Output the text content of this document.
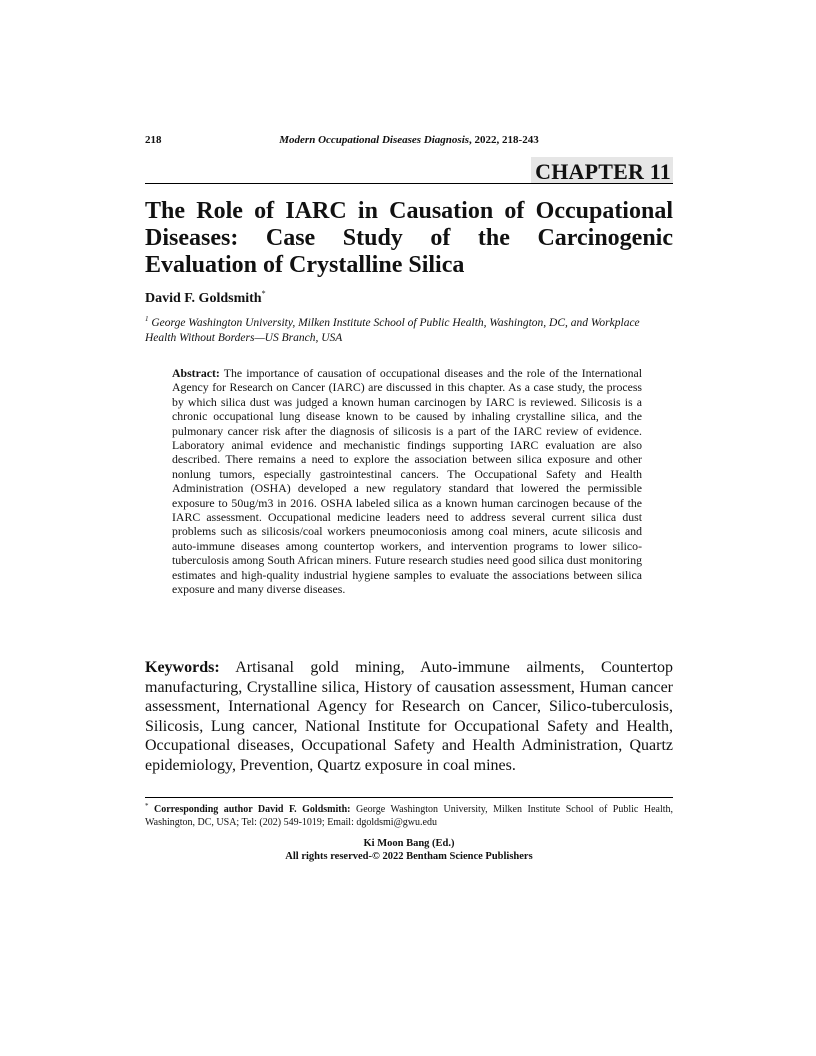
218	Modern Occupational Diseases Diagnosis, 2022, 218-243
CHAPTER 11
The Role of IARC in Causation of Occupational Diseases: Case Study of the Carcinogenic Evaluation of Crystalline Silica
David F. Goldsmith*
$^1$ George Washington University, Milken Institute School of Public Health, Washington, DC, and Workplace Health Without Borders—US Branch, USA
Abstract: The importance of causation of occupational diseases and the role of the International Agency for Research on Cancer (IARC) are discussed in this chapter. As a case study, the process by which silica dust was judged a known human carcinogen by IARC is reviewed. Silicosis is a chronic occupational lung disease known to be caused by inhaling crystalline silica, and the pulmonary cancer risk after the diagnosis of silicosis is a part of the IARC review of evidence. Laboratory animal evidence and mechanistic findings supporting IARC evaluation are also described. There remains a need to explore the association between silica exposure and other nonlung tumors, especially gastrointestinal cancers. The Occupational Safety and Health Administration (OSHA) developed a new regulatory standard that lowered the permissible exposure to 50ug/m3 in 2016. OSHA labeled silica as a known human carcinogen because of the IARC assessment. Occupational medicine leaders need to address several current silica dust problems such as silicosis/coal workers pneumoconiosis among coal miners, acute silicosis and auto-immune diseases among countertop workers, and intervention programs to lower silico-tuberculosis among South African miners. Future research studies need good silica dust monitoring estimates and high-quality industrial hygiene samples to evaluate the associations between silica exposure and many diverse diseases.
Keywords: Artisanal gold mining, Auto-immune ailments, Countertop manufacturing, Crystalline silica, History of causation assessment, Human cancer assessment, International Agency for Research on Cancer, Silico-tuberculosis, Silicosis, Lung cancer, National Institute for Occupational Safety and Health, Occupational diseases, Occupational Safety and Health Administration, Quartz epidemiology, Prevention, Quartz exposure in coal mines.
* Corresponding author David F. Goldsmith: George Washington University, Milken Institute School of Public Health, Washington, DC, USA; Tel: (202) 549-1019; Email: dgoldsmi@gwu.edu
Ki Moon Bang (Ed.)
All rights reserved-© 2022 Bentham Science Publishers
